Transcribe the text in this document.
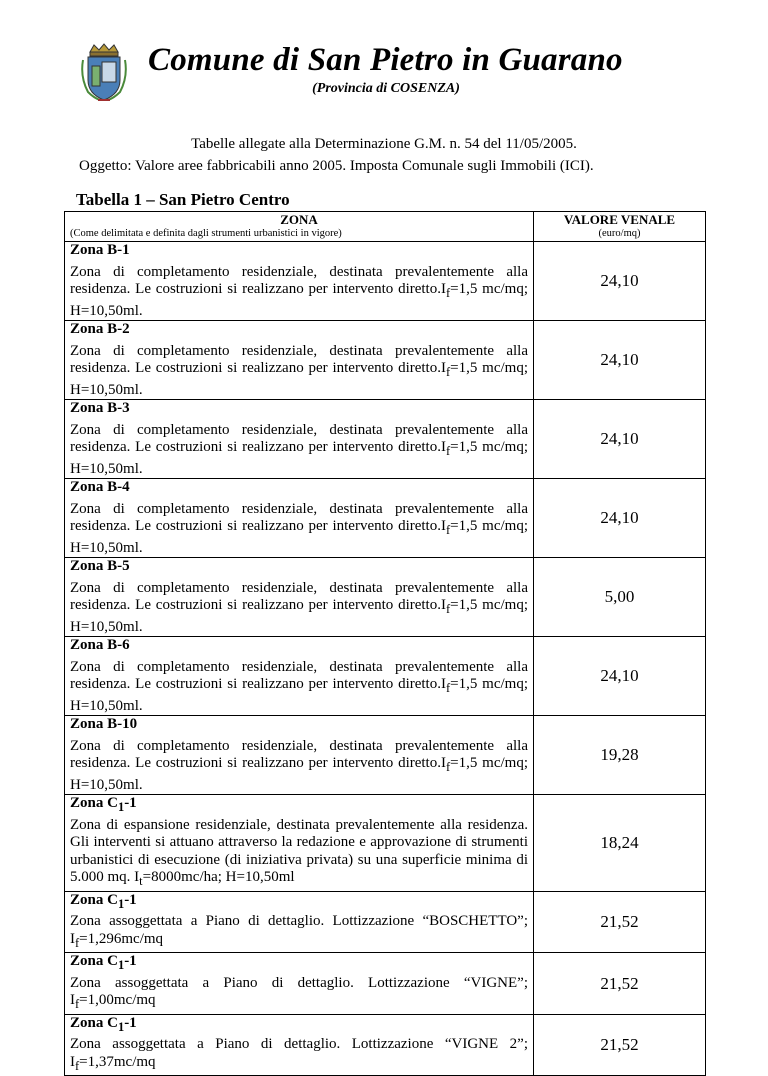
Comune di San Pietro in Guarano
(Provincia di COSENZA)
Tabelle allegate alla Determinazione G.M. n. 54 del 11/05/2005.
Oggetto: Valore aree fabbricabili anno 2005. Imposta Comunale sugli Immobili (ICI).
Tabella 1 – San Pietro Centro
ZONA
(Come delimitata e definita dagli strumenti urbanistici in vigore)	VALORE VENALE
(euro/mq)

Zona B-1
Zona di completamento residenziale, destinata prevalentemente alla residenza. Le costruzioni si realizzano per intervento $diretto.I_f=1,5$ mc/mq; H=10,50ml.	24,10

Zona B-2
Zona di completamento residenziale, destinata prevalentemente alla residenza. Le costruzioni si realizzano per intervento $diretto.I_f=1,5$ mc/mq; H=10,50ml.	24,10

Zona B-3
Zona di completamento residenziale, destinata prevalentemente alla residenza. Le costruzioni si realizzano per intervento $diretto.I_f=1,5$ mc/mq; H=10,50ml.	24,10

Zona B-4
Zona di completamento residenziale, destinata prevalentemente alla residenza. Le costruzioni si realizzano per intervento $diretto.I_f=1,5$ mc/mq; H=10,50ml.	24,10

Zona B-5
Zona di completamento residenziale, destinata prevalentemente alla residenza. Le costruzioni si realizzano per intervento $diretto.I_f=1,5$ mc/mq; H=10,50ml.	5,00

Zona B-6
Zona di completamento residenziale, destinata prevalentemente alla residenza. Le costruzioni si realizzano per intervento $diretto.I_f=1,5$ mc/mq; H=10,50ml.	24,10

Zona B-10
Zona di completamento residenziale, destinata prevalentemente alla residenza. Le costruzioni si realizzano per intervento $diretto.I_f=1,5$ mc/mq; H=10,50ml.	19,28

Zona $C_1-1$
Zona di espansione residenziale, destinata prevalentemente alla residenza. Gli interventi si attuano attraverso la redazione e approvazione di strumenti urbanistici di esecuzione (di iniziativa privata) su una superficie minima di 5.000 mq. $I_t=8000mc/ha$; H=10,50ml	18,24

Zona $C_1-1$
Zona assoggettata a Piano di dettaglio. Lottizzazione “BOSCHETTO”; $I_f=1,296mc/mq$	21,52

Zona $C_1-1$
Zona assoggettata a Piano di dettaglio. Lottizzazione “VIGNE”; $I_f=1,00mc/mq$	21,52

Zona $C_1-1$
Zona assoggettata a Piano di dettaglio. Lottizzazione “VIGNE 2”; $I_f=1,37mc/mq$	21,52
